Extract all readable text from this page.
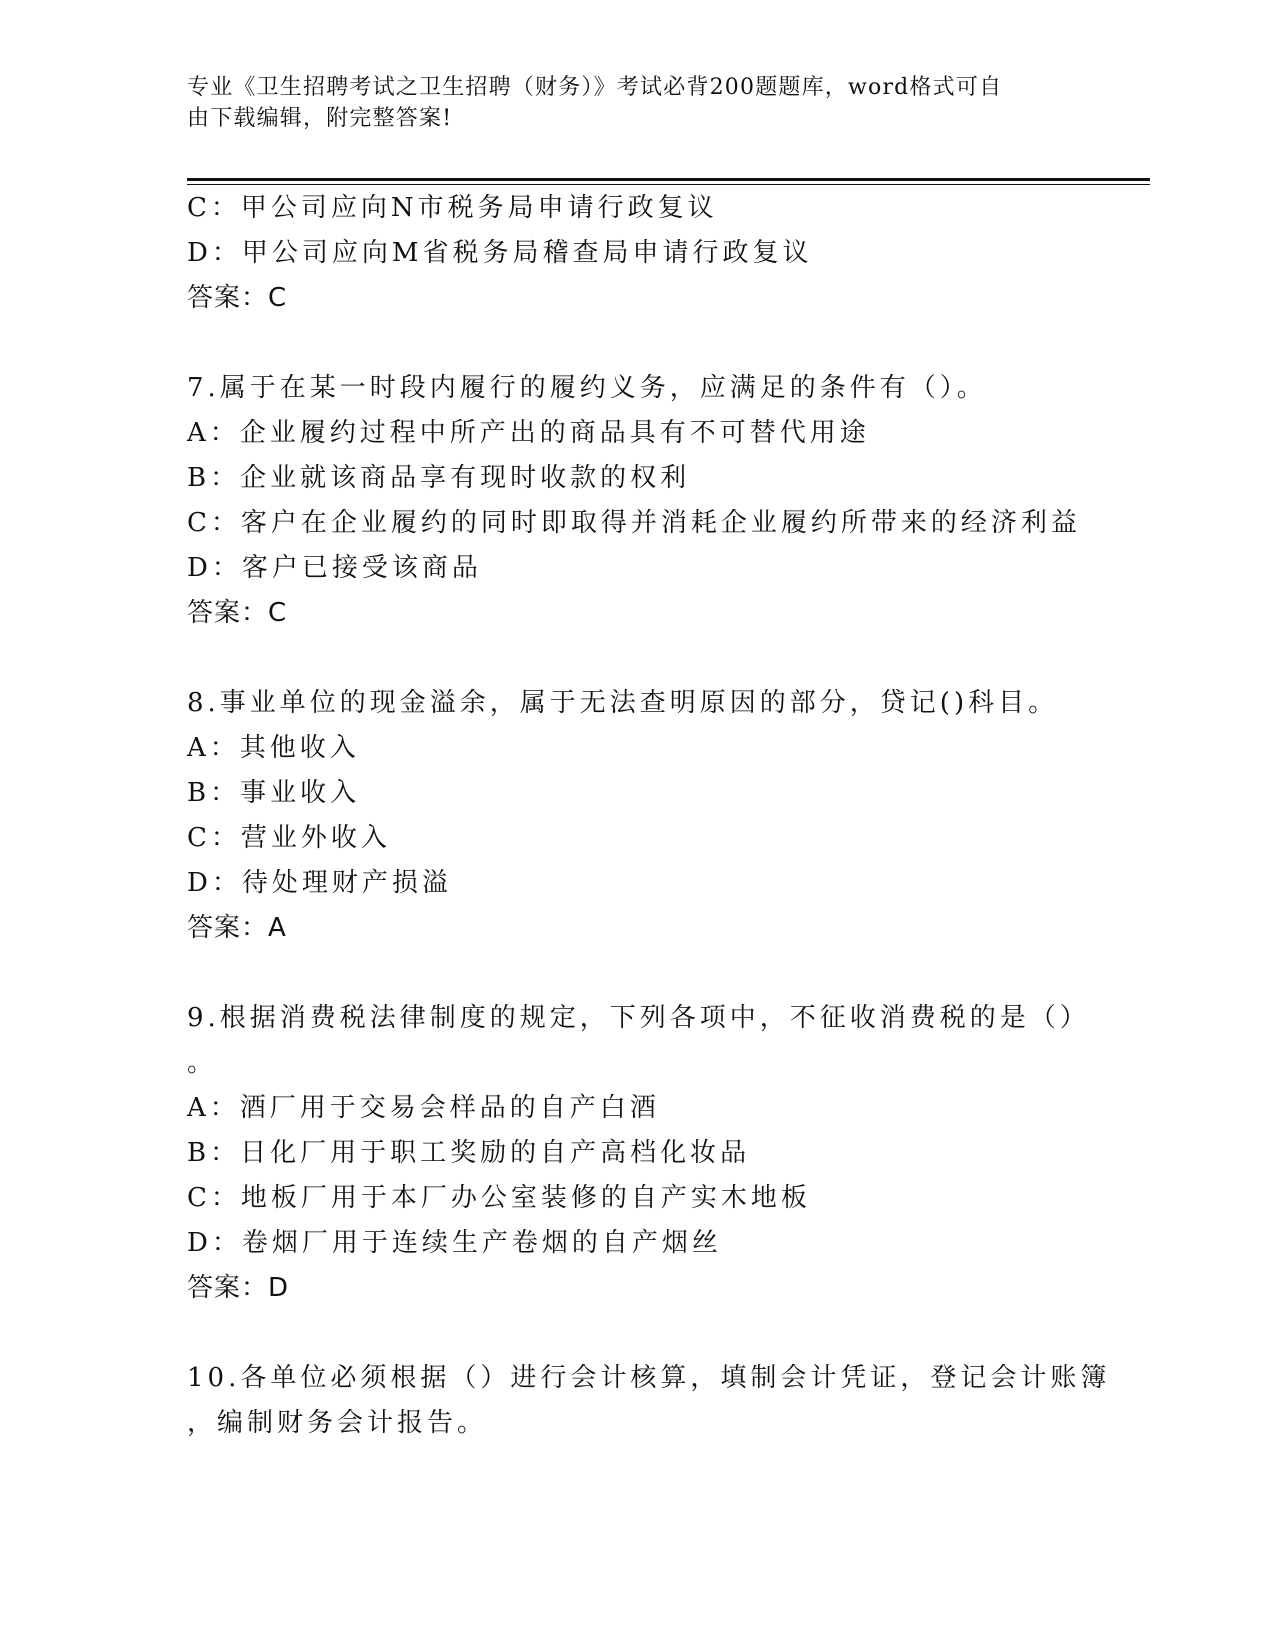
专业《卫生招聘考试之卫生招聘（财务）》考试必背200题题库，word格式可自
由下载编辑，附完整答案!
C：甲公司应向N市税务局申请行政复议
D：甲公司应向M省税务局稽查局申请行政复议
答案：C
7.属于在某一时段内履行的履约义务，应满足的条件有（）。
A：企业履约过程中所产出的商品具有不可替代用途
B：企业就该商品享有现时收款的权利
C：客户在企业履约的同时即取得并消耗企业履约所带来的经济利益
D：客户已接受该商品
答案：C
8.事业单位的现金溢余，属于无法查明原因的部分，贷记()科目。
A：其他收入
B：事业收入
C：营业外收入
D：待处理财产损溢
答案：A
9.根据消费税法律制度的规定，下列各项中，不征收消费税的是（）
。
A：酒厂用于交易会样品的自产白酒
B：日化厂用于职工奖励的自产高档化妆品
C：地板厂用于本厂办公室装修的自产实木地板
D：卷烟厂用于连续生产卷烟的自产烟丝
答案：D
10.各单位必须根据（）进行会计核算，填制会计凭证，登记会计账簿
，编制财务会计报告。
